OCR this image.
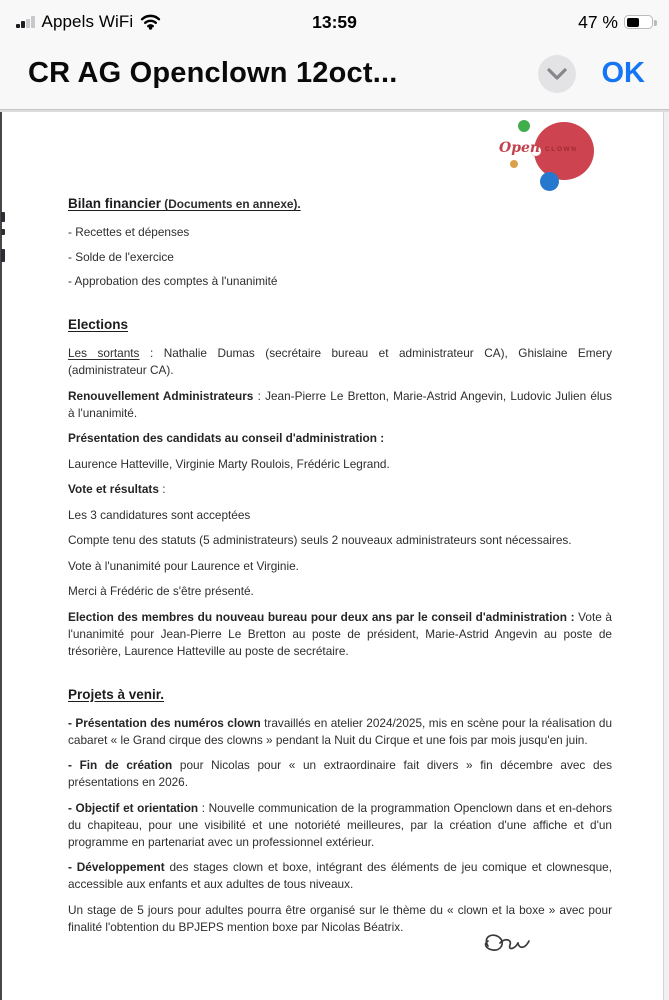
Appels WiFi	13:59	47 %
CR AG Openclown 12oct...	OK
Open CLOWN
Bilan financier (Documents en annexe).

- Recettes et dépenses

- Solde de l'exercice

- Approbation des comptes à l'unanimité

Elections

Les sortants : Nathalie Dumas (secrétaire bureau et administrateur CA), Ghislaine Emery (administrateur CA).

Renouvellement Administrateurs : Jean-Pierre Le Bretton, Marie-Astrid Angevin, Ludovic Julien élus à l'unanimité.

Présentation des candidats au conseil d'administration :

Laurence Hatteville, Virginie Marty Roulois, Frédéric Legrand.

Vote et résultats :

Les 3 candidatures sont acceptées

Compte tenu des statuts (5 administrateurs) seuls 2 nouveaux administrateurs sont nécessaires.

Vote à l'unanimité pour Laurence et Virginie.

Merci à Frédéric de s'être présenté.

Election des membres du nouveau bureau pour deux ans par le conseil d'administration : Vote à l'unanimité pour Jean-Pierre Le Bretton au poste de président, Marie-Astrid Angevin au poste de trésorière, Laurence Hatteville au poste de secrétaire.

Projets à venir.

- Présentation des numéros clown travaillés en atelier 2024/2025, mis en scène pour la réalisation du cabaret « le Grand cirque des clowns » pendant la Nuit du Cirque et une fois par mois jusqu'en juin.

- Fin de création pour Nicolas pour « un extraordinaire fait divers » fin décembre avec des présentations en 2026.

- Objectif et orientation : Nouvelle communication de la programmation Openclown dans et en-dehors du chapiteau, pour une visibilité et une notoriété meilleures, par la création d'une affiche et d'un programme en partenariat avec un professionnel extérieur.

- Développement des stages clown et boxe, intégrant des éléments de jeu comique et clownesque, accessible aux enfants et aux adultes de tous niveaux.

Un stage de 5 jours pour adultes pourra être organisé sur le thème du « clown et la boxe » avec pour finalité l'obtention du BPJEPS mention boxe par Nicolas Béatrix.
